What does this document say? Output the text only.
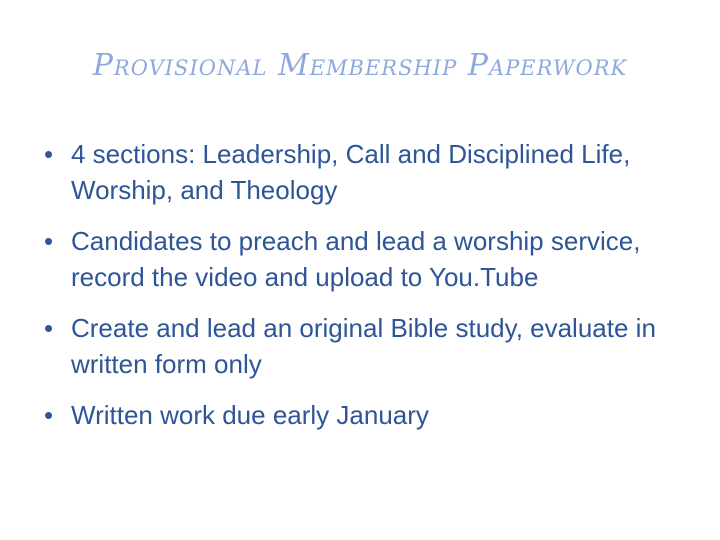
Provisional Membership Paperwork
• 4 sections: Leadership, Call and Disciplined Life, Worship, and Theology
• Candidates to preach and lead a worship service, record the video and upload to You.Tube
• Create and lead an original Bible study, evaluate in written form only
• Written work due early January
